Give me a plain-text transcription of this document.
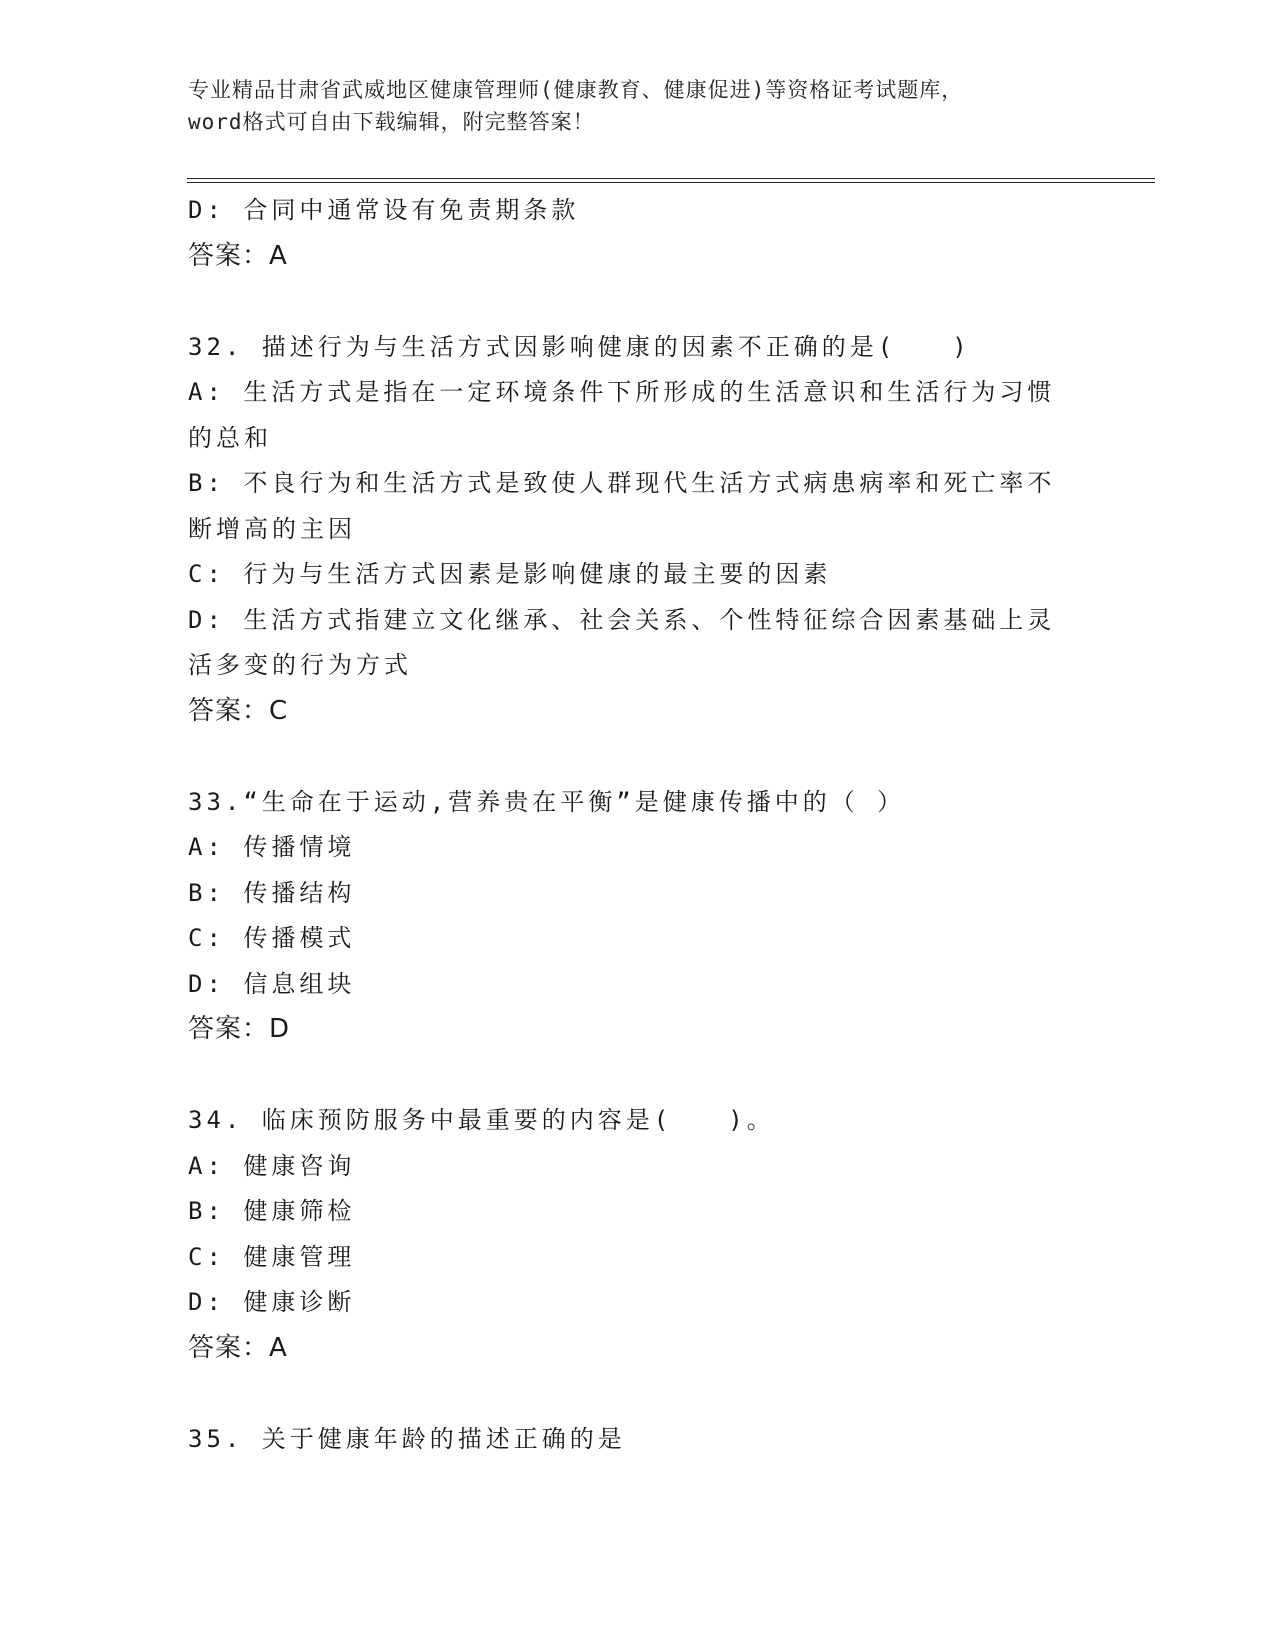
专业精品甘肃省武威地区健康管理师(健康教育、健康促进)等资格证考试题库，
word格式可自由下载编辑，附完整答案！
D: 合同中通常设有免责期条款
答案：A
32. 描述行为与生活方式因影响健康的因素不正确的是(　　)
A: 生活方式是指在一定环境条件下所形成的生活意识和生活行为习惯
的总和
B: 不良行为和生活方式是致使人群现代生活方式病患病率和死亡率不
断增高的主因
C: 行为与生活方式因素是影响健康的最主要的因素
D: 生活方式指建立文化继承、社会关系、个性特征综合因素基础上灵
活多变的行为方式
答案：C
33.“生命在于运动,营养贵在平衡”是健康传播中的（ ）
A: 传播情境
B: 传播结构
C: 传播模式
D: 信息组块
答案：D
34. 临床预防服务中最重要的内容是(　　)。
A: 健康咨询
B: 健康筛检
C: 健康管理
D: 健康诊断
答案：A
35. 关于健康年龄的描述正确的是
